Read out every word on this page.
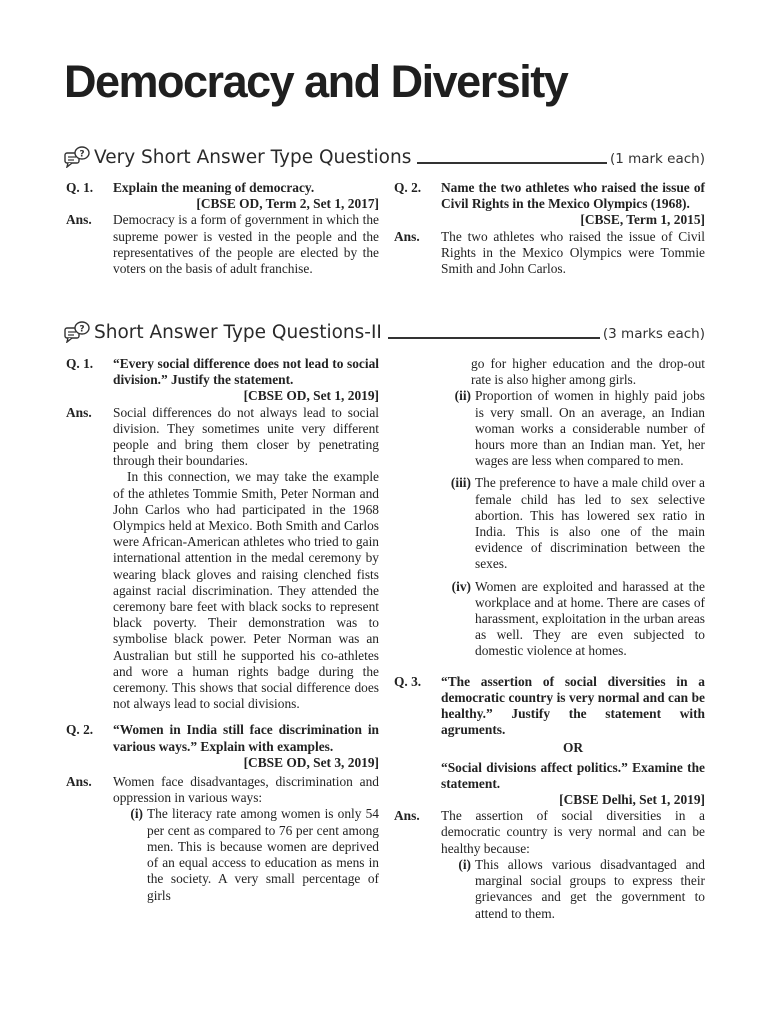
Democracy and Diversity
? Very Short Answer Type Questions	(1 mark each)
Q. 1.	Explain the meaning of democracy.
[CBSE OD, Term 2, Set 1, 2017]
Ans.	Democracy is a form of government in which the supreme power is vested in the people and the representatives of the people are elected by the voters on the basis of adult franchise.
Q. 2.	Name the two athletes who raised the issue of Civil Rights in the Mexico Olympics (1968).
[CBSE, Term 1, 2015]
Ans.	The two athletes who raised the issue of Civil Rights in the Mexico Olympics were Tommie Smith and John Carlos.
? Short Answer Type Questions-II	(3 marks each)
Q. 1.	“Every social difference does not lead to social division.” Justify the statement.
[CBSE OD, Set 1, 2019]
Ans.	Social differences do not always lead to social division. They sometimes unite very different people and bring them closer by penetrating through their boundaries.
In this connection, we may take the example of the athletes Tommie Smith, Peter Norman and John Carlos who had participated in the 1968 Olympics held at Mexico. Both Smith and Carlos were African-American athletes who tried to gain international attention in the medal ceremony by wearing black gloves and raising clenched fists against racial discrimination. They attended the ceremony bare feet with black socks to represent black poverty. Their demonstration was to symbolise black power. Peter Norman was an Australian but still he supported his co-athletes and wore a human rights badge during the ceremony. This shows that social difference does not always lead to social divisions.
Q. 2.	“Women in India still face discrimination in various ways.” Explain with examples.
[CBSE OD, Set 3, 2019]
Ans.	Women face disadvantages, discrimination and oppression in various ways:
(i) The literacy rate among women is only 54 per cent as compared to 76 per cent among men. This is because women are deprived of an equal access to education as mens in the society. A very small percentage of girls
go for higher education and the drop-out rate is also higher among girls.
(ii) Proportion of women in highly paid jobs is very small. On an average, an Indian woman works a considerable number of hours more than an Indian man. Yet, her wages are less when compared to men.
(iii) The preference to have a male child over a female child has led to sex selective abortion. This has lowered sex ratio in India. This is also one of the main evidence of discrimination between the sexes.
(iv) Women are exploited and harassed at the workplace and at home. There are cases of harassment, exploitation in the urban areas as well. They are even subjected to domestic violence at homes.
Q. 3.	“The assertion of social diversities in a democratic country is very normal and can be healthy.” Justify the statement with agruments.
OR
“Social divisions affect politics.” Examine the statement.
[CBSE Delhi, Set 1, 2019]
Ans.	The assertion of social diversities in a democratic country is very normal and can be healthy because:
(i) This allows various disadvantaged and marginal social groups to express their grievances and get the government to attend to them.
